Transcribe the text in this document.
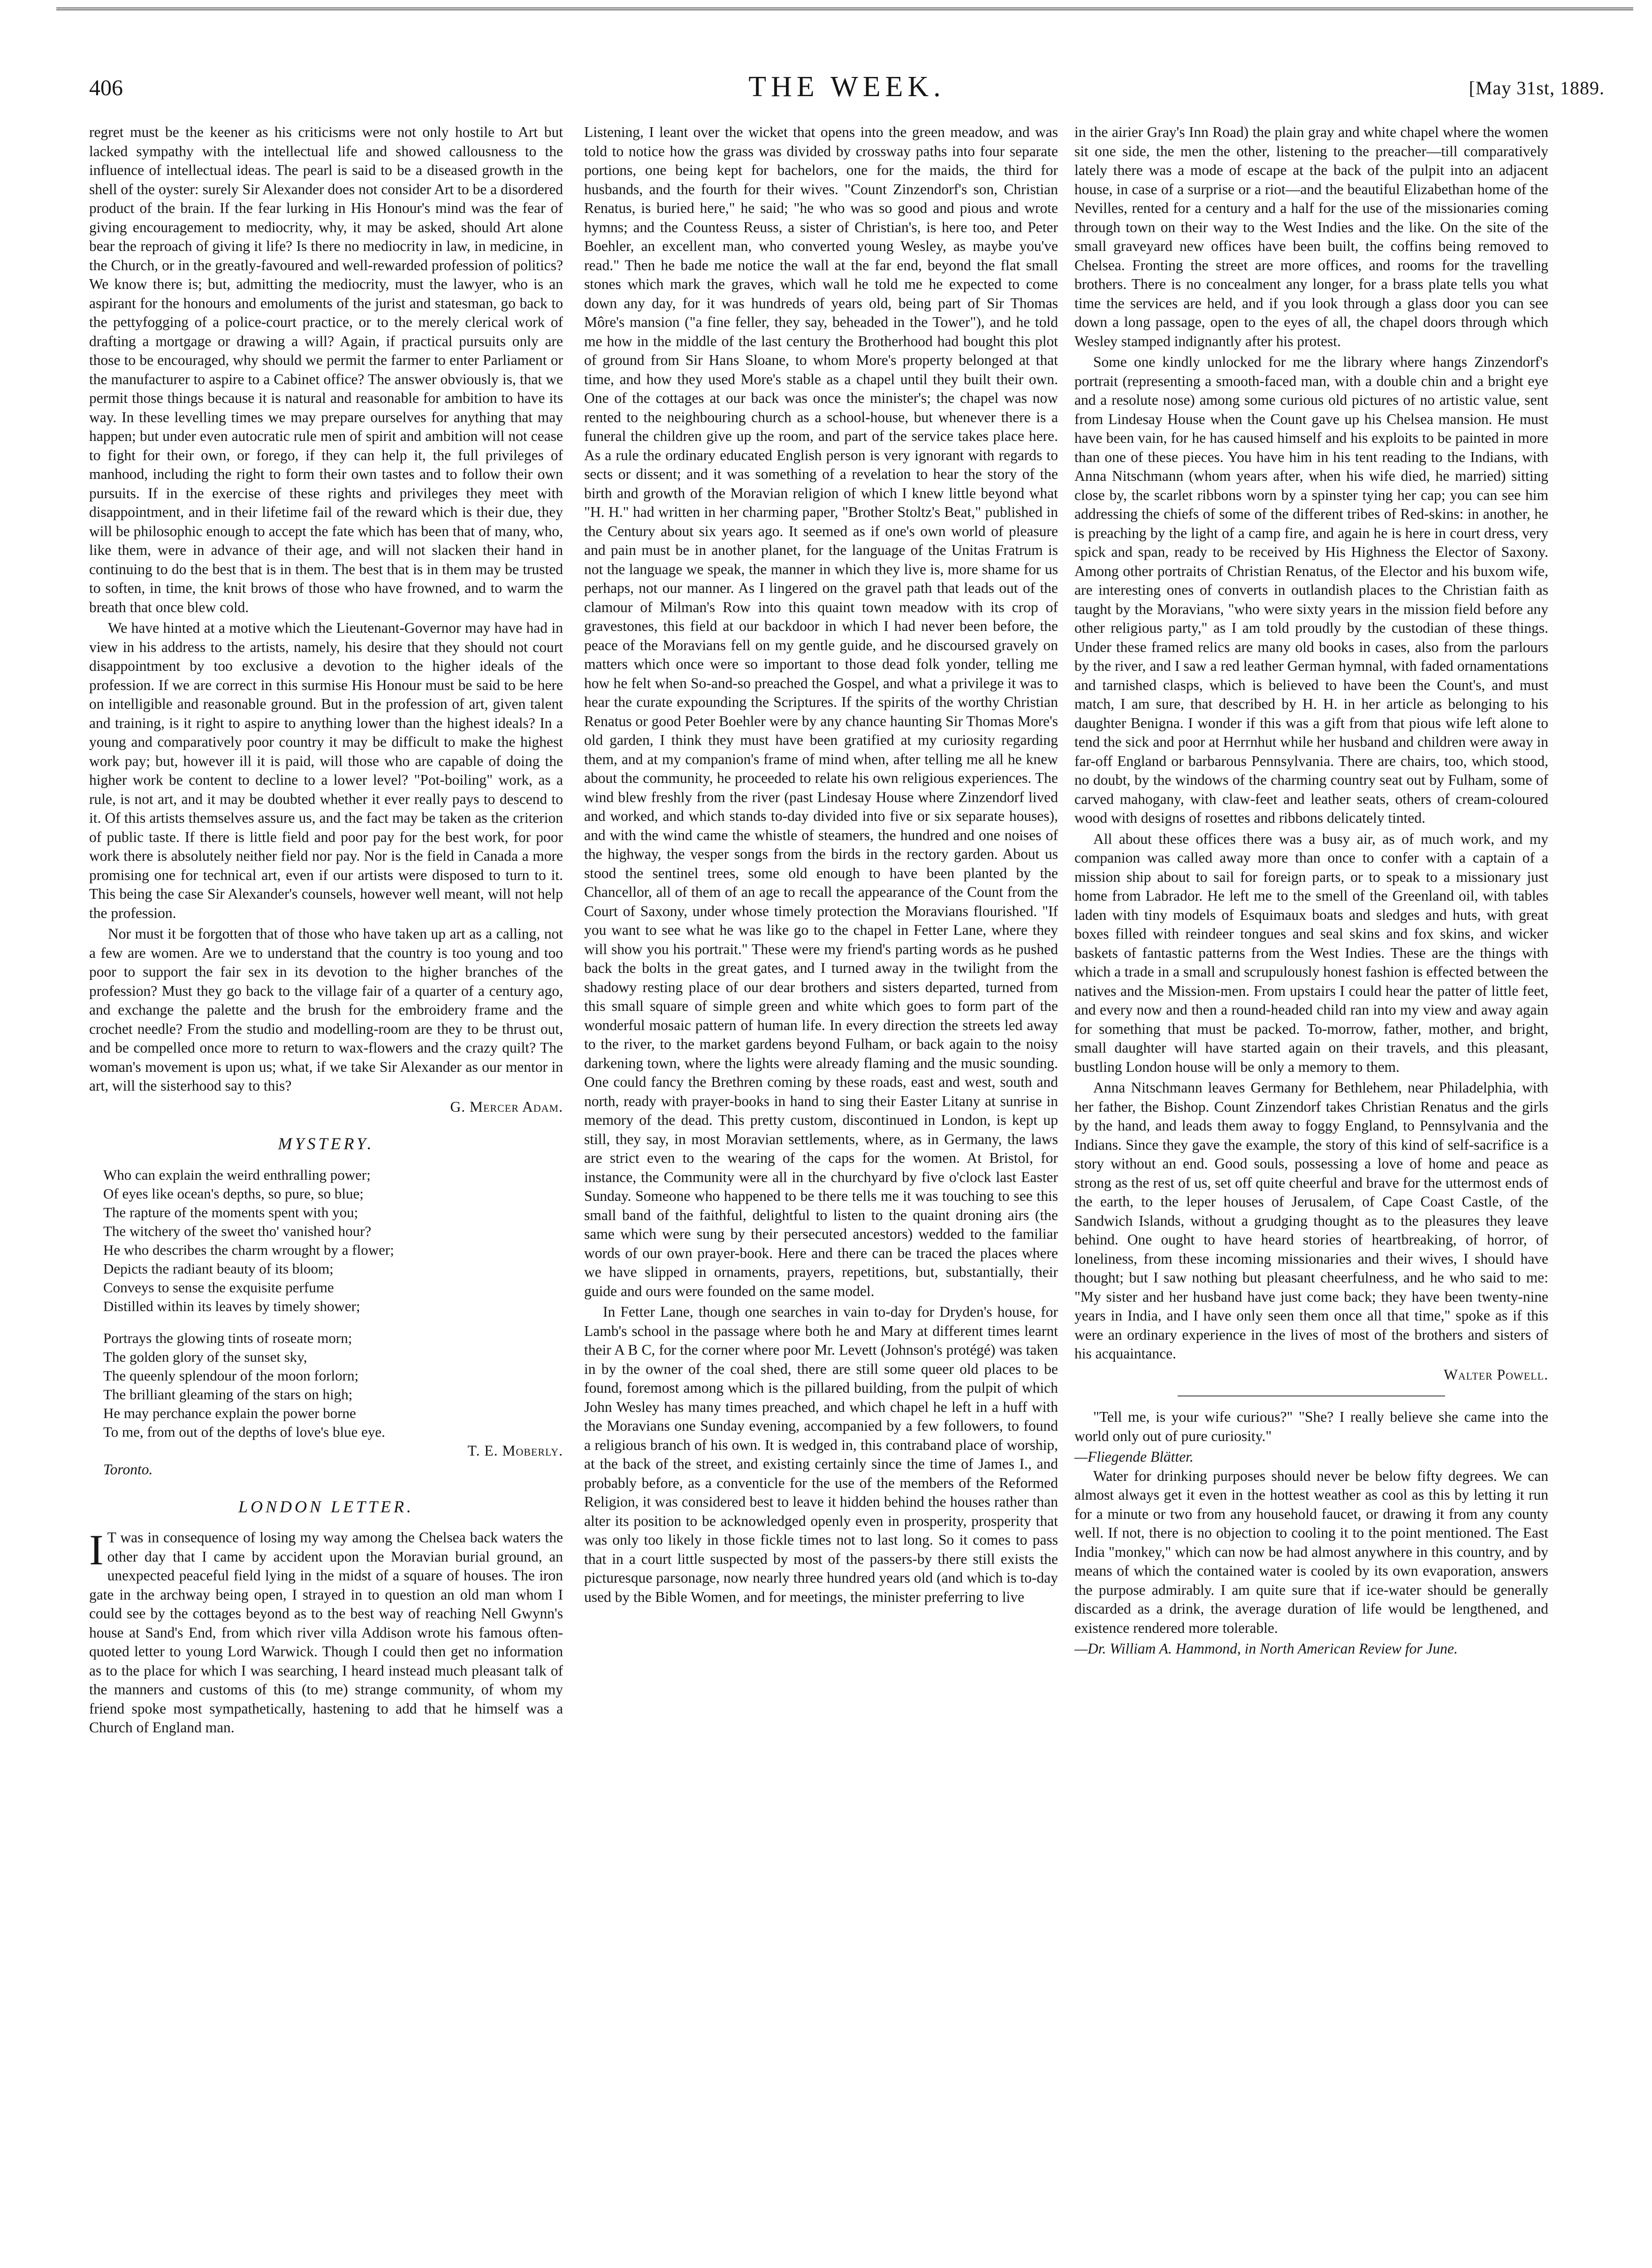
406	THE WEEK.	[May 31st, 1889.

regret must be the keener as his criticisms were not only hostile to Art but lacked sympathy with the intellectual life and showed callousness to the influence of intellectual ideas. The pearl is said to be a diseased growth in the shell of the oyster: surely Sir Alexander does not consider Art to be a disordered product of the brain. If the fear lurking in His Honour's mind was the fear of giving encouragement to mediocrity, why, it may be asked, should Art alone bear the reproach of giving it life? Is there no mediocrity in law, in medicine, in the Church, or in the greatly-favoured and well-rewarded profession of politics? We know there is; but, admitting the mediocrity, must the lawyer, who is an aspirant for the honours and emoluments of the jurist and statesman, go back to the pettyfogging of a police-court practice, or to the merely clerical work of drafting a mortgage or drawing a will? Again, if practical pursuits only are those to be encouraged, why should we permit the farmer to enter Parliament or the manufacturer to aspire to a Cabinet office? The answer obviously is, that we permit those things because it is natural and reasonable for ambition to have its way. In these levelling times we may prepare ourselves for anything that may happen; but under even autocratic rule men of spirit and ambition will not cease to fight for their own, or forego, if they can help it, the full privileges of manhood, including the right to form their own tastes and to follow their own pursuits. If in the exercise of these rights and privileges they meet with disappointment, and in their lifetime fail of the reward which is their due, they will be philosophic enough to accept the fate which has been that of many, who, like them, were in advance of their age, and will not slacken their hand in continuing to do the best that is in them. The best that is in them may be trusted to soften, in time, the knit brows of those who have frowned, and to warm the breath that once blew cold.

We have hinted at a motive which the Lieutenant-Governor may have had in view in his address to the artists, namely, his desire that they should not court disappointment by too exclusive a devotion to the higher ideals of the profession. If we are correct in this surmise His Honour must be said to be here on intelligible and reasonable ground. But in the profession of art, given talent and training, is it right to aspire to anything lower than the highest ideals? In a young and comparatively poor country it may be difficult to make the highest work pay; but, however ill it is paid, will those who are capable of doing the higher work be content to decline to a lower level? "Pot-boiling" work, as a rule, is not art, and it may be doubted whether it ever really pays to descend to it. Of this artists themselves assure us, and the fact may be taken as the criterion of public taste. If there is little field and poor pay for the best work, for poor work there is absolutely neither field nor pay. Nor is the field in Canada a more promising one for technical art, even if our artists were disposed to turn to it. This being the case Sir Alexander's counsels, however well meant, will not help the profession.

Nor must it be forgotten that of those who have taken up art as a calling, not a few are women. Are we to understand that the country is too young and too poor to support the fair sex in its devotion to the higher branches of the profession? Must they go back to the village fair of a quarter of a century ago, and exchange the palette and the brush for the embroidery frame and the crochet needle? From the studio and modelling-room are they to be thrust out, and be compelled once more to return to wax-flowers and the crazy quilt? The woman's movement is upon us; what, if we take Sir Alexander as our mentor in art, will the sisterhood say to this?

G. Mercer Adam.
MYSTERY.
Who can explain the weird enthralling power;
Of eyes like ocean's depths, so pure, so blue;
The rapture of the moments spent with you;
The witchery of the sweet tho' vanished hour?
He who describes the charm wrought by a flower;
Depicts the radiant beauty of its bloom;
Conveys to sense the exquisite perfume
Distilled within its leaves by timely shower;
Portrays the glowing tints of roseate morn;
The golden glory of the sunset sky,
The queenly splendour of the moon forlorn;
The brilliant gleaming of the stars on high;
He may perchance explain the power borne
To me, from out of the depths of love's blue eye.
T. E. Moberly.
Toronto.
LONDON LETTER.

I T was in consequence of losing my way among the Chelsea back waters the other day that I came by accident upon the Moravian burial ground, an unexpected peaceful field lying in the midst of a square of houses. The iron gate in the archway being open, I strayed in to question an old man whom I could see by the cottages beyond as to the best way of reaching Nell Gwynn's house at Sand's End, from which river villa Addison wrote his famous often-quoted letter to young Lord Warwick. Though I could then get no information as to the place for which I was searching, I heard instead much pleasant talk of the manners and customs of this (to me) strange community, of whom my friend spoke most sympathetically, hastening to add that he himself was a Church of England man.

Listening, I leant over the wicket that opens into the green meadow, and was told to notice how the grass was divided by crossway paths into four separate portions, one being kept for bachelors, one for the maids, the third for husbands, and the fourth for their wives. "Count Zinzendorf's son, Christian Renatus, is buried here," he said; "he who was so good and pious and wrote hymns; and the Countess Reuss, a sister of Christian's, is here too, and Peter Boehler, an excellent man, who converted young Wesley, as maybe you've read." Then he bade me notice the wall at the far end, beyond the flat small stones which mark the graves, which wall he told me he expected to come down any day, for it was hundreds of years old, being part of Sir Thomas Môre's mansion ("a fine feller, they say, beheaded in the Tower"), and he told me how in the middle of the last century the Brotherhood had bought this plot of ground from Sir Hans Sloane, to whom More's property belonged at that time, and how they used More's stable as a chapel until they built their own. One of the cottages at our back was once the minister's; the chapel was now rented to the neighbouring church as a school-house, but whenever there is a funeral the children give up the room, and part of the service takes place here. As a rule the ordinary educated English person is very ignorant with regards to sects or dissent; and it was something of a revelation to hear the story of the birth and growth of the Moravian religion of which I knew little beyond what "H. H." had written in her charming paper, "Brother Stoltz's Beat," published in the Century about six years ago. It seemed as if one's own world of pleasure and pain must be in another planet, for the language of the Unitas Fratrum is not the language we speak, the manner in which they live is, more shame for us perhaps, not our manner. As I lingered on the gravel path that leads out of the clamour of Milman's Row into this quaint town meadow with its crop of gravestones, this field at our backdoor in which I had never been before, the peace of the Moravians fell on my gentle guide, and he discoursed gravely on matters which once were so important to those dead folk yonder, telling me how he felt when So-and-so preached the Gospel, and what a privilege it was to hear the curate expounding the Scriptures. If the spirits of the worthy Christian Renatus or good Peter Boehler were by any chance haunting Sir Thomas More's old garden, I think they must have been gratified at my curiosity regarding them, and at my companion's frame of mind when, after telling me all he knew about the community, he proceeded to relate his own religious experiences. The wind blew freshly from the river (past Lindesay House where Zinzendorf lived and worked, and which stands to-day divided into five or six separate houses), and with the wind came the whistle of steamers, the hundred and one noises of the highway, the vesper songs from the birds in the rectory garden. About us stood the sentinel trees, some old enough to have been planted by the Chancellor, all of them of an age to recall the appearance of the Count from the Court of Saxony, under whose timely protection the Moravians flourished. "If you want to see what he was like go to the chapel in Fetter Lane, where they will show you his portrait." These were my friend's parting words as he pushed back the bolts in the great gates, and I turned away in the twilight from the shadowy resting place of our dear brothers and sisters departed, turned from this small square of simple green and white which goes to form part of the wonderful mosaic pattern of human life. In every direction the streets led away to the river, to the market gardens beyond Fulham, or back again to the noisy darkening town, where the lights were already flaming and the music sounding. One could fancy the Brethren coming by these roads, east and west, south and north, ready with prayer-books in hand to sing their Easter Litany at sunrise in memory of the dead. This pretty custom, discontinued in London, is kept up still, they say, in most Moravian settlements, where, as in Germany, the laws are strict even to the wearing of the caps for the women. At Bristol, for instance, the Community were all in the churchyard by five o'clock last Easter Sunday. Someone who happened to be there tells me it was touching to see this small band of the faithful, delightful to listen to the quaint droning airs (the same which were sung by their persecuted ancestors) wedded to the familiar words of our own prayer-book. Here and there can be traced the places where we have slipped in ornaments, prayers, repetitions, but, substantially, their guide and ours were founded on the same model.

In Fetter Lane, though one searches in vain to-day for Dryden's house, for Lamb's school in the passage where both he and Mary at different times learnt their A B C, for the corner where poor Mr. Levett (Johnson's protégé) was taken in by the owner of the coal shed, there are still some queer old places to be found, foremost among which is the pillared building, from the pulpit of which John Wesley has many times preached, and which chapel he left in a huff with the Moravians one Sunday evening, accompanied by a few followers, to found a religious branch of his own. It is wedged in, this contraband place of worship, at the back of the street, and existing certainly since the time of James I., and probably before, as a conventicle for the use of the members of the Reformed Religion, it was considered best to leave it hidden behind the houses rather than alter its position to be acknowledged openly even in prosperity, prosperity that was only too likely in those fickle times not to last long. So it comes to pass that in a court little suspected by most of the passers-by there still exists the picturesque parsonage, now nearly three hundred years old (and which is to-day used by the Bible Women, and for meetings, the minister preferring to live

in the airier Gray's Inn Road) the plain gray and white chapel where the women sit one side, the men the other, listening to the preacher—till comparatively lately there was a mode of escape at the back of the pulpit into an adjacent house, in case of a surprise or a riot—and the beautiful Elizabethan home of the Nevilles, rented for a century and a half for the use of the missionaries coming through town on their way to the West Indies and the like. On the site of the small graveyard new offices have been built, the coffins being removed to Chelsea. Fronting the street are more offices, and rooms for the travelling brothers. There is no concealment any longer, for a brass plate tells you what time the services are held, and if you look through a glass door you can see down a long passage, open to the eyes of all, the chapel doors through which Wesley stamped indignantly after his protest.

Some one kindly unlocked for me the library where hangs Zinzendorf's portrait (representing a smooth-faced man, with a double chin and a bright eye and a resolute nose) among some curious old pictures of no artistic value, sent from Lindesay House when the Count gave up his Chelsea mansion. He must have been vain, for he has caused himself and his exploits to be painted in more than one of these pieces. You have him in his tent reading to the Indians, with Anna Nitschmann (whom years after, when his wife died, he married) sitting close by, the scarlet ribbons worn by a spinster tying her cap; you can see him addressing the chiefs of some of the different tribes of Red-skins: in another, he is preaching by the light of a camp fire, and again he is here in court dress, very spick and span, ready to be received by His Highness the Elector of Saxony. Among other portraits of Christian Renatus, of the Elector and his buxom wife, are interesting ones of converts in outlandish places to the Christian faith as taught by the Moravians, "who were sixty years in the mission field before any other religious party," as I am told proudly by the custodian of these things. Under these framed relics are many old books in cases, also from the parlours by the river, and I saw a red leather German hymnal, with faded ornamentations and tarnished clasps, which is believed to have been the Count's, and must match, I am sure, that described by H. H. in her article as belonging to his daughter Benigna. I wonder if this was a gift from that pious wife left alone to tend the sick and poor at Herrnhut while her husband and children were away in far-off England or barbarous Pennsylvania. There are chairs, too, which stood, no doubt, by the windows of the charming country seat out by Fulham, some of carved mahogany, with claw-feet and leather seats, others of cream-coloured wood with designs of rosettes and ribbons delicately tinted.

All about these offices there was a busy air, as of much work, and my companion was called away more than once to confer with a captain of a mission ship about to sail for foreign parts, or to speak to a missionary just home from Labrador. He left me to the smell of the Greenland oil, with tables laden with tiny models of Esquimaux boats and sledges and huts, with great boxes filled with reindeer tongues and seal skins and fox skins, and wicker baskets of fantastic patterns from the West Indies. These are the things with which a trade in a small and scrupulously honest fashion is effected between the natives and the Mission-men. From upstairs I could hear the patter of little feet, and every now and then a round-headed child ran into my view and away again for something that must be packed. To-morrow, father, mother, and bright, small daughter will have started again on their travels, and this pleasant, bustling London house will be only a memory to them.

Anna Nitschmann leaves Germany for Bethlehem, near Philadelphia, with her father, the Bishop. Count Zinzendorf takes Christian Renatus and the girls by the hand, and leads them away to foggy England, to Pennsylvania and the Indians. Since they gave the example, the story of this kind of self-sacrifice is a story without an end. Good souls, possessing a love of home and peace as strong as the rest of us, set off quite cheerful and brave for the uttermost ends of the earth, to the leper houses of Jerusalem, of Cape Coast Castle, of the Sandwich Islands, without a grudging thought as to the pleasures they leave behind. One ought to have heard stories of heartbreaking, of horror, of loneliness, from these incoming missionaries and their wives, I should have thought; but I saw nothing but pleasant cheerfulness, and he who said to me: "My sister and her husband have just come back; they have been twenty-nine years in India, and I have only seen them once all that time," spoke as if this were an ordinary experience in the lives of most of the brothers and sisters of his acquaintance.

Walter Powell.

"Tell me, is your wife curious?" "She? I really believe she came into the world only out of pure curiosity."

—Fliegende Blätter.

Water for drinking purposes should never be below fifty degrees. We can almost always get it even in the hottest weather as cool as this by letting it run for a minute or two from any household faucet, or drawing it from any county well. If not, there is no objection to cooling it to the point mentioned. The East India "monkey," which can now be had almost anywhere in this country, and by means of which the contained water is cooled by its own evaporation, answers the purpose admirably. I am quite sure that if ice-water should be generally discarded as a drink, the average duration of life would be lengthened, and existence rendered more tolerable.

—Dr. William A. Hammond, in North American Review for June.
